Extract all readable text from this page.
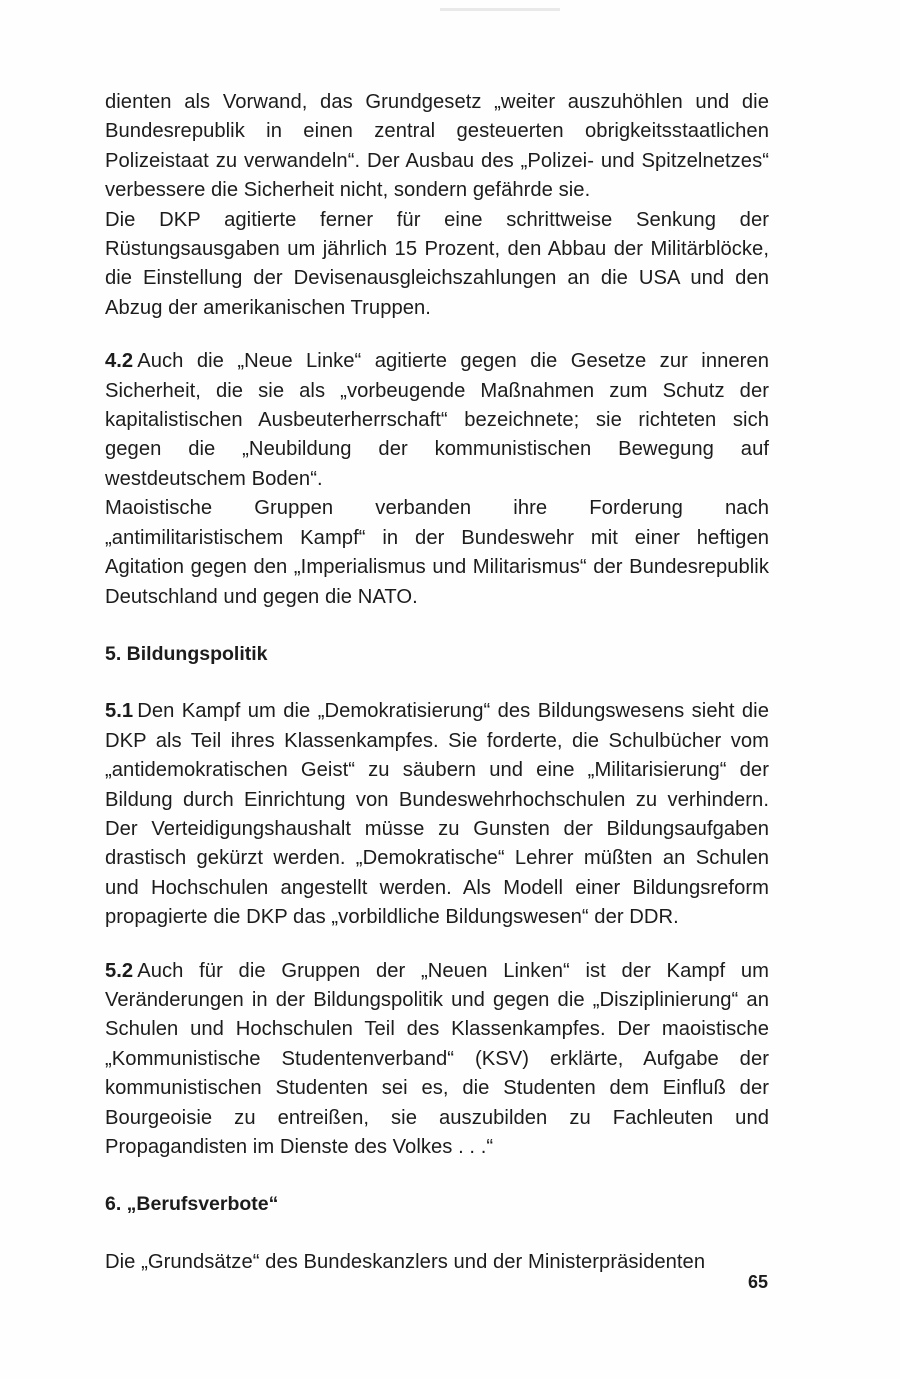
dienten als Vorwand, das Grundgesetz „weiter auszuhöhlen und die Bundesrepublik in einen zentral gesteuerten obrigkeitsstaatlichen Polizeistaat zu verwandeln“. Der Ausbau des „Polizei- und Spitzelnetzes“ verbessere die Sicherheit nicht, sondern gefährde sie.

Die DKP agitierte ferner für eine schrittweise Senkung der Rüstungsausgaben um jährlich 15 Prozent, den Abbau der Militärblöcke, die Einstellung der Devisenausgleichszahlungen an die USA und den Abzug der amerikanischen Truppen.

4.2 Auch die „Neue Linke“ agitierte gegen die Gesetze zur inneren Sicherheit, die sie als „vorbeugende Maßnahmen zum Schutz der kapitalistischen Ausbeuterherrschaft“ bezeichnete; sie richteten sich gegen die „Neubildung der kommunistischen Bewegung auf westdeutschem Boden“.

Maoistische Gruppen verbanden ihre Forderung nach „antimilitaristischem Kampf“ in der Bundeswehr mit einer heftigen Agitation gegen den „Imperialismus und Militarismus“ der Bundesrepublik Deutschland und gegen die NATO.

5. Bildungspolitik

5.1 Den Kampf um die „Demokratisierung“ des Bildungswesens sieht die DKP als Teil ihres Klassenkampfes. Sie forderte, die Schulbücher vom „antidemokratischen Geist“ zu säubern und eine „Militarisierung“ der Bildung durch Einrichtung von Bundeswehrhochschulen zu verhindern. Der Verteidigungshaushalt müsse zu Gunsten der Bildungsaufgaben drastisch gekürzt werden. „Demokratische“ Lehrer müßten an Schulen und Hochschulen angestellt werden. Als Modell einer Bildungsreform propagierte die DKP das „vorbildliche Bildungswesen“ der DDR.

5.2 Auch für die Gruppen der „Neuen Linken“ ist der Kampf um Veränderungen in der Bildungspolitik und gegen die „Disziplinierung“ an Schulen und Hochschulen Teil des Klassenkampfes. Der maoistische „Kommunistische Studentenverband“ (KSV) erklärte, Aufgabe der kommunistischen Studenten sei es, die Studenten dem Einfluß der Bourgeoisie zu entreißen, sie auszubilden zu Fachleuten und Propagandisten im Dienste des Volkes . . .“

6. „Berufsverbote“

Die „Grundsätze“ des Bundeskanzlers und der Ministerpräsidenten

65
